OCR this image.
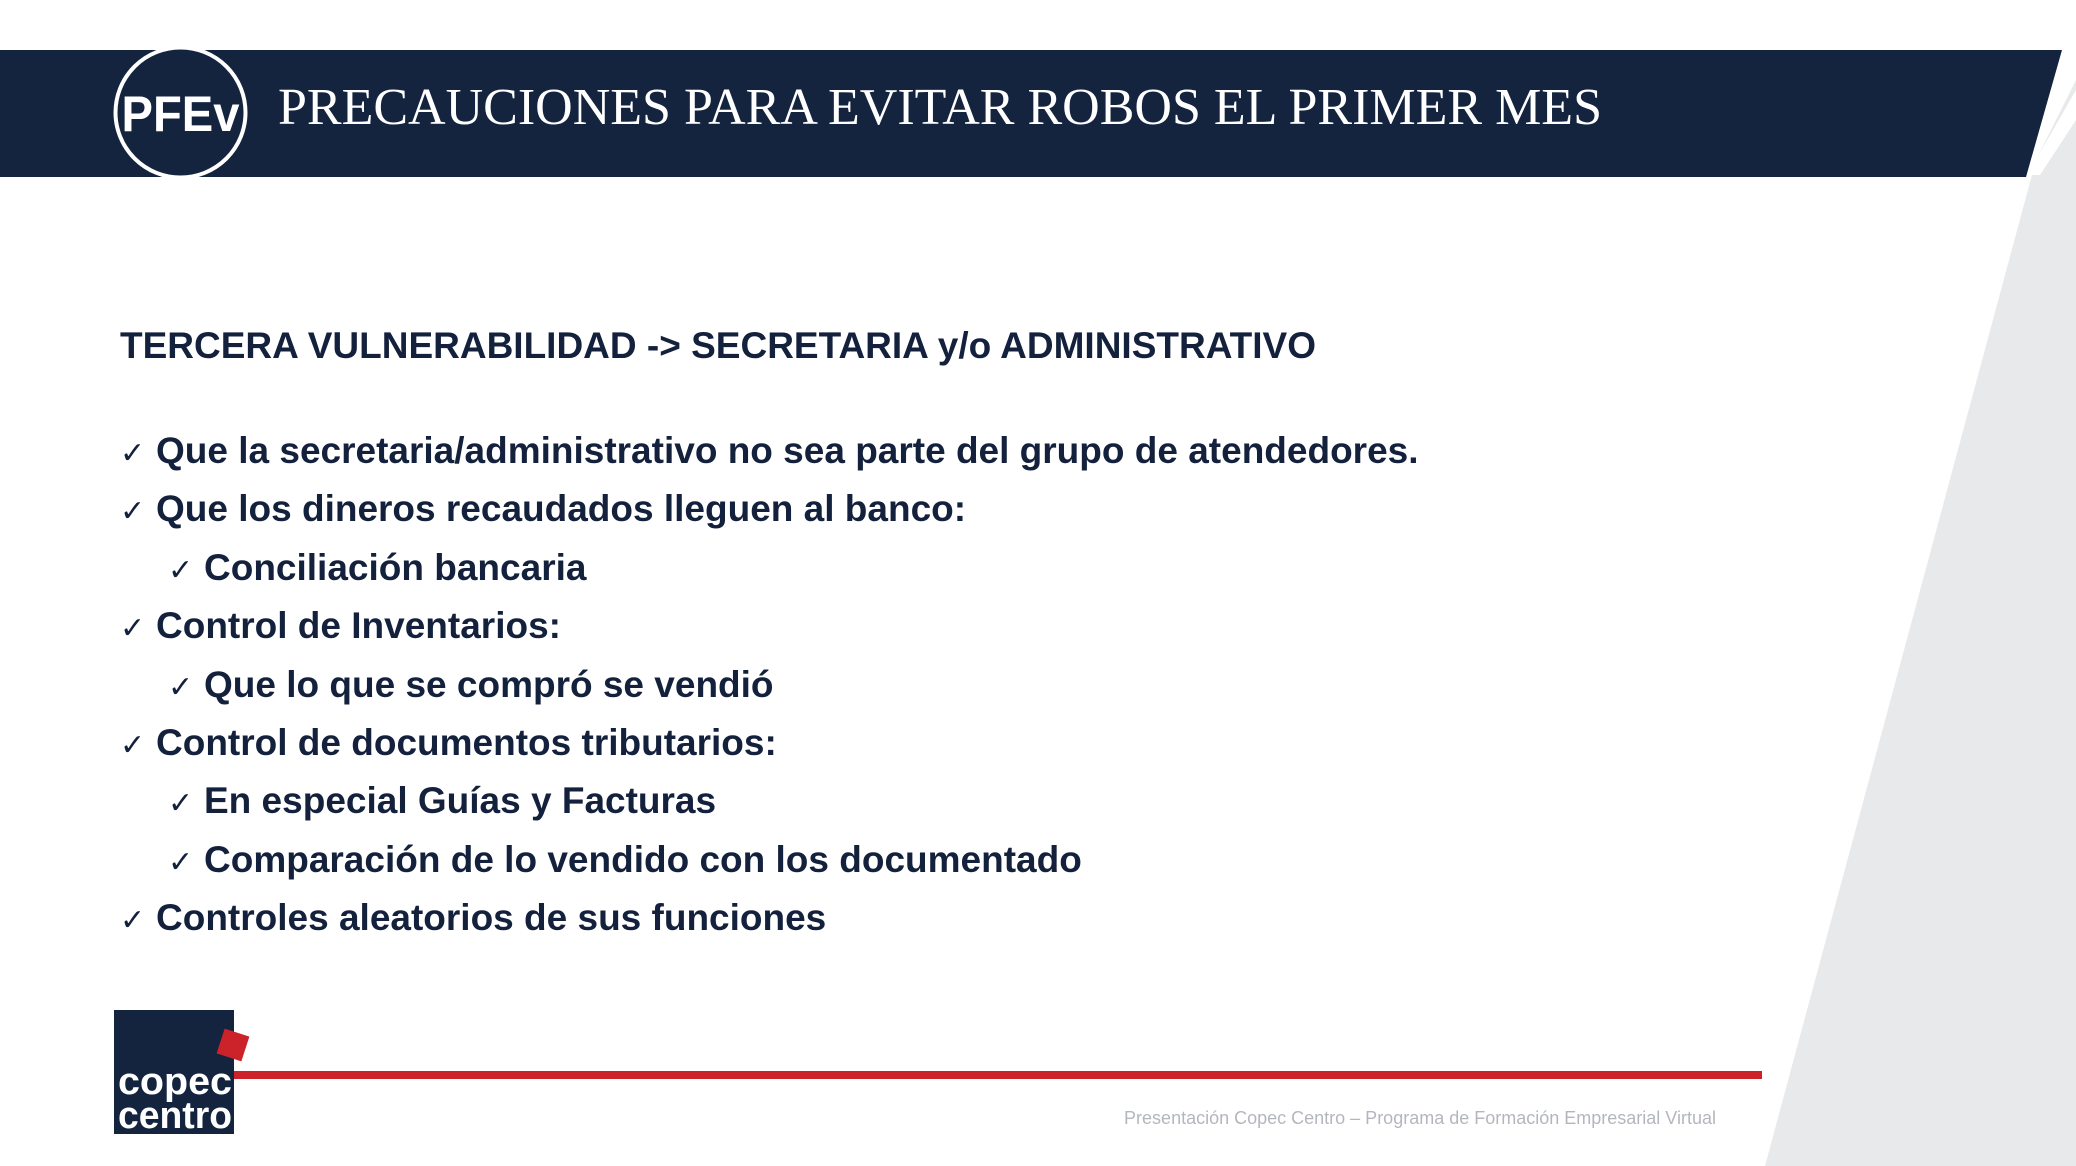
PFEv PRECAUCIONES PARA EVITAR ROBOS EL PRIMER MES

TERCERA VULNERABILIDAD -> SECRETARIA y/o ADMINISTRATIVO

✓ Que la secretaria/administrativo no sea parte del grupo de atendedores.
✓ Que los dineros recaudados lleguen al banco:
✓ Conciliación bancaria
✓ Control de Inventarios:
✓ Que lo que se compró se vendió
✓ Control de documentos tributarios:
✓ En especial Guías y Facturas
✓ Comparación de lo vendido con los documentado
✓ Controles aleatorios de sus funciones
copec
centro	Presentación Copec Centro – Programa de Formación Empresarial Virtual
